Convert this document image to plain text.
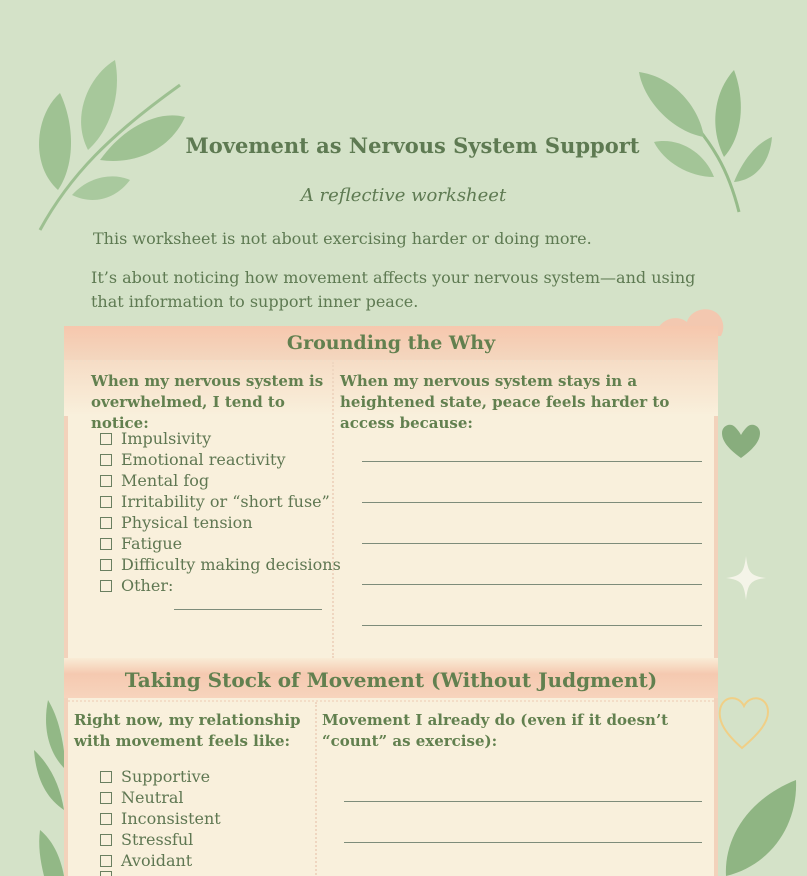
Movement as Nervous System Support
A reflective worksheet
This worksheet is not about exercising harder or doing more.
It’s about noticing how movement affects your nervous system—and using that information to support inner peace.
Grounding the Why
When my nervous system is overwhelmed, I tend to notice:
When my nervous system stays in a heightened state, peace feels harder to access because:
Impulsivity
Emotional reactivity
Mental fog
Irritability or “short fuse”
Physical tension
Fatigue
Difficulty making decisions
Other:
Taking Stock of Movement (Without Judgment)
Right now, my relationship with movement feels like:
Movement I already do (even if it doesn’t “count” as exercise):
Supportive
Neutral
Inconsistent
Stressful
Avoidant
